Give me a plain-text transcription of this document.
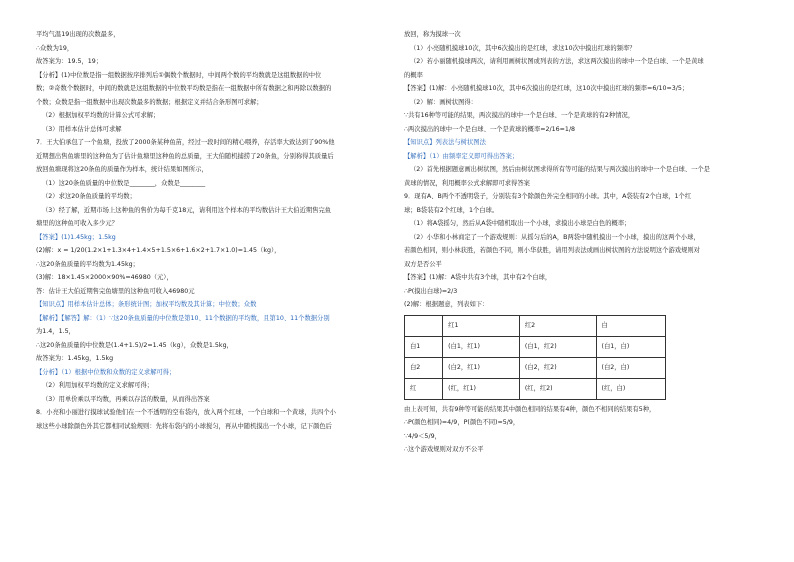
平均气温19出现的次数最多，
∴众数为19，
故答案为：19.5，19；
【分析】(1)中位数是指一组数据按序排列后①偶数个数据时，中间两个数的平均数就是这组数据的中位
数；②奇数个数据时，中间的数就是这组数据的中位数平均数是指在一组数据中所有数据之和再除以数据的
个数；众数是指一组数据中出现次数最多的数据；根据定义并结合条形图可求解；
（2）根据加权平均数的计算公式可求解；
（3）用样本估计总体可求解
7．王大伯承包了一个鱼塘，投放了2000条某种鱼苗，经过一段时间的精心喂养，存活率大致达到了90%他
近期想出售鱼塘里的这种鱼为了估计鱼塘里这种鱼的总质量，王大伯随机捕捞了20条鱼，分别称得其质量后
放回鱼塘现将这20条鱼的质量作为样本，统计结果如图所示，
（1）这20条鱼质量的中位数是________，众数是________
（2）求这20条鱼质量的平均数；
（3）经了解，近期市场上这种鱼的售价为每千克18元，请利用这个样本的平均数估计王大伯近期售完鱼
塘里的这种鱼可收入多少元？
【答案】(1)1.45kg；1.5kg
(2)解：x = 1/20(1.2×1+1.3×4+1.4×5+1.5×6+1.6×2+1.7×1.0)=1.45（kg），
∴这20条鱼质量的平均数为1.45kg；
(3)解：18×1.45×2000×90%=46980（元），
答：估计王大伯近期售完鱼塘里的这种鱼可收入46980元
【知识点】用样本估计总体；条形统计图；加权平均数及其计算；中位数；众数
【解析】【解答】解：（1）∵这20条鱼质量的中位数是第10、11个数据的平均数，且第10、11个数据分别
为1.4，1.5，
∴这20条鱼质量的中位数是(1.4+1.5)/2=1.45（kg），众数是1.5kg，
故答案为：1.45kg，1.5kg
【分析】（1）根据中位数和众数的定义求解可得；
（2）利用加权平均数的定义求解可得；
（3）用单价乘以平均数，再乘以存活的数量，从而得出答案
8．小亮和小丽进行摸球试验他们在一个不透明的空布袋内，放入两个红球，一个白球和一个黄球，共四个小
球这些小球除颜色外其它都相同试验规则：先将布袋内的小球搅匀，再从中随机摸出一个小球，记下颜色后
放回，称为摸球一次
（1）小亮随机摸球10次，其中6次摸出的是红球，求这10次中摸出红球的频率？
（2）若小丽随机摸球两次，请利用画树状图或列表的方法，求这两次摸出的球中一个是白球、一个是黄球
的概率
【答案】(1)解：小亮随机摸球10次，其中6次摸出的是红球，这10次中摸出红球的频率=6/10=3/5；
（2）解：画树状图得：
∵共有16种等可能的结果，两次摸出的球中一个是白球、一个是黄球的有2种情况，
∴两次摸出的球中一个是白球、一个是黄球的概率=2/16=1/8
【知识点】列表法与树状图法
【解析】（1）由频率定义即可得出答案；
（2）首先根据题意画出树状图，然后由树状图求得所有等可能的结果与两次摸出的球中一个是白球、一个是
黄球的情况，利用概率公式求解即可求得答案
9．现有A、B两个不透明袋子，分别装有3个除颜色外完全相同的小球。其中，A袋装有2个白球，1个红
球；B袋装有2个红球，1个白球。
（1）将A袋摇匀，然后从A袋中随机取出一个小球，求摸出小球是白色的概率；
（2）小华和小林商定了一个游戏规则：从摇匀后的A，B两袋中随机摸出一个小球，摸出的这两个小球，
若颜色相同，则小林获胜，若颜色不同，则小华获胜，请用列表法或画出树状图的方法说明这个游戏规则对
双方是否公平
【答案】(1)解：A袋中共有3个球，其中有2个白球，
∴P(摸出白球)=2/3
(2)解：根据题意，列表如下：
	红1	红2	白
白1	(白1，红1)	(白1，红2)	(白1，白)
白2	(白2，红1)	(白2，红2)	(白2，白)
红	(红，红1)	(红，红2)	(红，白)
由上表可知，共有9种等可能的结果其中颜色相同的结果有4种，颜色不相同的结果有5种，
∴P(颜色相同)=4/9，P(颜色不同)=5/9，
∵4/9＜5/9，
∴这个游戏规则对双方不公平
